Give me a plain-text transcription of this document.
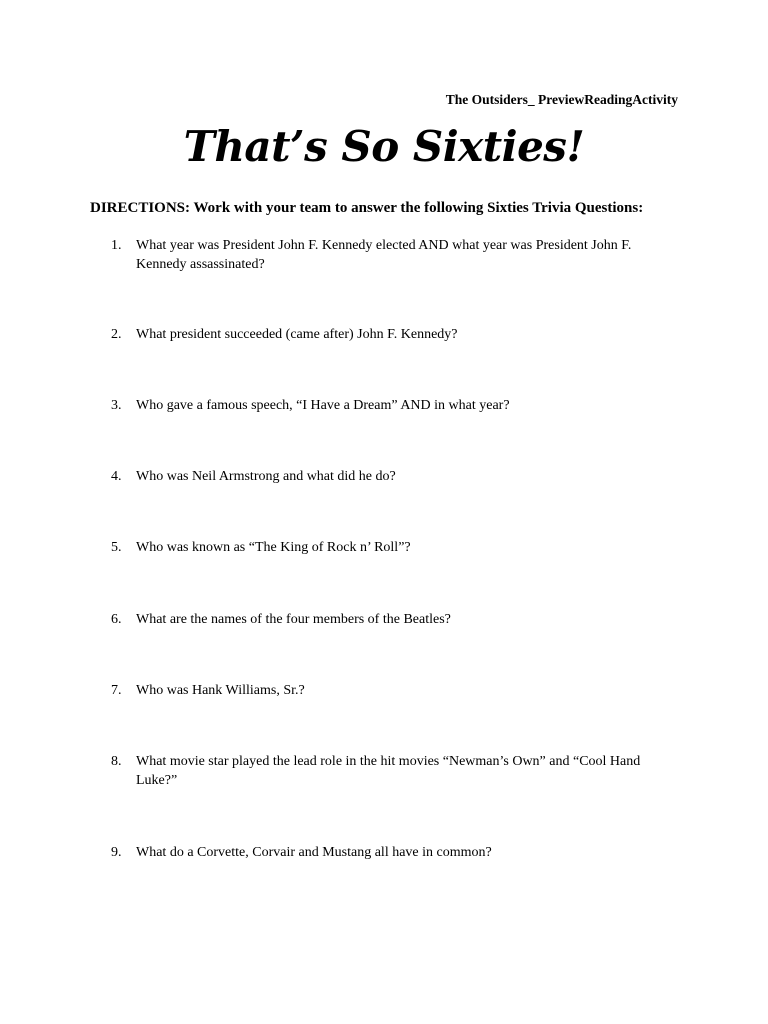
The Outsiders_ PreviewReadingActivity
That’s So Sixties!
DIRECTIONS: Work with your team to answer the following Sixties Trivia Questions:
1. What year was President John F. Kennedy elected AND what year was President John F. Kennedy assassinated?
2. What president succeeded (came after) John F. Kennedy?
3. Who gave a famous speech, “I Have a Dream” AND in what year?
4. Who was Neil Armstrong and what did he do?
5. Who was known as “The King of Rock n’ Roll”?
6. What are the names of the four members of the Beatles?
7. Who was Hank Williams, Sr.?
8. What movie star played the lead role in the hit movies “Newman’s Own” and “Cool Hand Luke?”
9. What do a Corvette, Corvair and Mustang all have in common?
